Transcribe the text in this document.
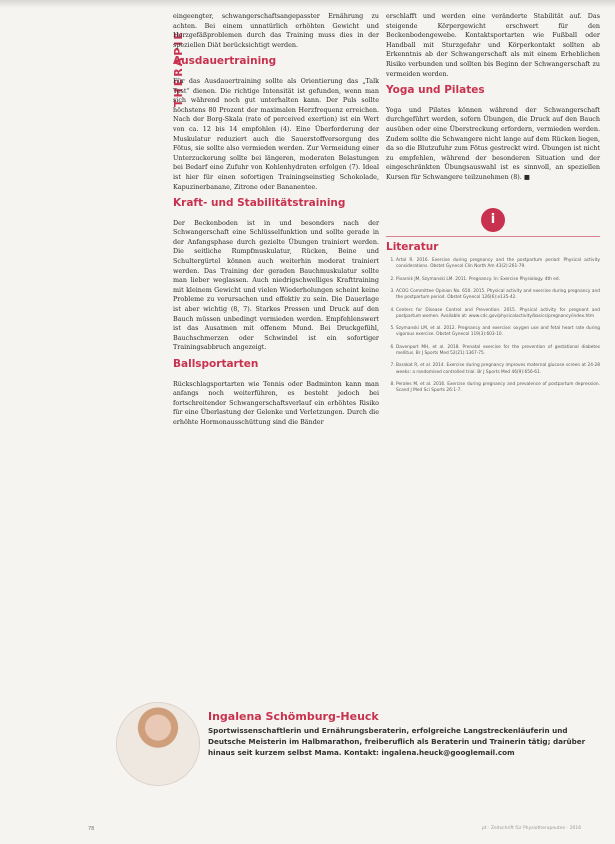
THERAPIE

eingeengter, schwangerschaftsangepasster Ernährung zu achten. Bei einem unnatürlich erhöhten Gewicht und Herzgefäßproblemen durch das Training muss dies in der speziellen Diät berücksichtigt werden.

Ausdauertraining

Für das Ausdauertraining sollte als Orientierung das „Talk Test“ dienen. Die richtige Intensität ist gefunden, wenn man sich während noch gut unterhalten kann. Der Puls sollte höchstens 80 Prozent der maximalen Herzfrequenz erreichen. Nach der Borg-Skala (rate of perceived exertion) ist ein Wert von ca. 12 bis 14 empfohlen (4). Eine Überforderung der Muskulatur reduziert auch die Sauerstoffversorgung des Fötus, sie sollte also vermieden werden. Zur Vermeidung einer Unterzuckerung sollte bei längeren, moderaten Belastungen bei Bedarf eine Zufuhr von Kohlenhydraten erfolgen (7). Ideal ist hier für einen sofortigen Trainingseinstieg Schokolade, Kapuzinerbanane, Zitrone oder Bananentee.

Kraft- und Stabilitätstraining

Der Beckenboden ist in und besonders nach der Schwangerschaft eine Schlüsselfunktion und sollte gerade in der Anfangsphase durch gezielte Übungen trainiert werden. Die seitliche Rumpfmuskulatur, Rücken, Beine und Schultergürtel können auch weiterhin moderat trainiert werden. Das Training der geraden Bauchmuskulatur sollte man lieber weglassen. Auch niedrigschwelliges Krafttraining mit kleinem Gewicht und vielen Wiederholungen scheint keine Probleme zu verursachen und effektiv zu sein. Die Dauerlage ist aber wichtig (8, 7). Starkes Pressen und Druck auf den Bauch müssen unbedingt vermieden werden. Empfehlenswert ist das Ausatmen mit offenem Mund. Bei Druckgefühl, Bauchschmerzen oder Schwindel ist ein sofortiger Trainingsabbruch angezeigt.

Ballsportarten

Rückschlagsportarten wie Tennis oder Badminton kann man anfangs noch weiterführen, es besteht jedoch bei fortschreitender Schwangerschaftsverlauf ein erhöhtes Risiko für eine Überlastung der Gelenke und Verletzungen. Durch die erhöhte Hormonausschüttung sind die Bänder

erschlafft und werden eine veränderte Stabilität auf. Das steigende Körpergewicht erschwert für den Beckenbodengewebe. Kontaktsportarten wie Fußball oder Handball mit Sturzgefahr und Körperkontakt sollten ab Erkenntnis ab der Schwangerschaft als mit einem Erheblichen Risiko verbunden und sollten bis Beginn der Schwangerschaft zu vermeiden werden.

Yoga und Pilates

Yoga und Pilates können während der Schwangerschaft durchgeführt werden, sofern Übungen, die Druck auf den Bauch ausüben oder eine Überstreckung erfordern, vermieden werden. Zudem sollte die Schwangere nicht lange auf dem Rücken liegen, da so die Blutzufuhr zum Fötus gestreckt wird. Übungen ist nicht zu empfehlen, während der besonderen Situation und der eingeschränkten Übungsauswahl ist es sinnvoll, an speziellen Kursen für Schwangere teilzunehmen (8). ■

i
Literatur
1. Artal R. 2016. Exercise during pregnancy and the postpartum period: Physical activity considerations. Obstet Gynecol Clin North Am 43(2):261-79.
2. Pivarnik JM, Szymanski LM. 2011. Pregnancy. In: Exercise Physiology. 4th ed.
3. ACOG Committee Opinion No. 650. 2015. Physical activity and exercise during pregnancy and the postpartum period. Obstet Gynecol 126(6):e135-42.
4. Centers for Disease Control and Prevention. 2015. Physical activity for pregnant and postpartum women. Available at: www.cdc.gov/physicalactivity/basics/pregnancy/index.htm
5. Szymanski LM, et al. 2012. Pregnancy and exercise: oxygen use and fetal heart rate during vigorous exercise. Obstet Gynecol 119(3):603-10.
6. Davenport MH, et al. 2018. Prenatal exercise for the prevention of gestational diabetes mellitus. Br J Sports Med 52(21):1367-75.
7. Barakat R, et al. 2014. Exercise during pregnancy improves maternal glucose screen at 24-28 weeks: a randomised controlled trial. Br J Sports Med 46(9):656-61.
8. Perales M, et al. 2016. Exercise during pregnancy and prevalence of postpartum depression. Scand J Med Sci Sports 26:1-7.
Ingalena Schömburg-Heuck
Sportwissenschaftlerin und Ernährungsberaterin, erfolgreiche Langstreckenläuferin und Deutsche Meisterin im Halbmarathon, freiberuflich als Beraterin und Trainerin tätig; darüber hinaus seit kurzem selbst Mama. Kontakt: ingalena.heuck@googlemail.com
78	pt · Zeitschrift für Physiotherapeuten · 2016
